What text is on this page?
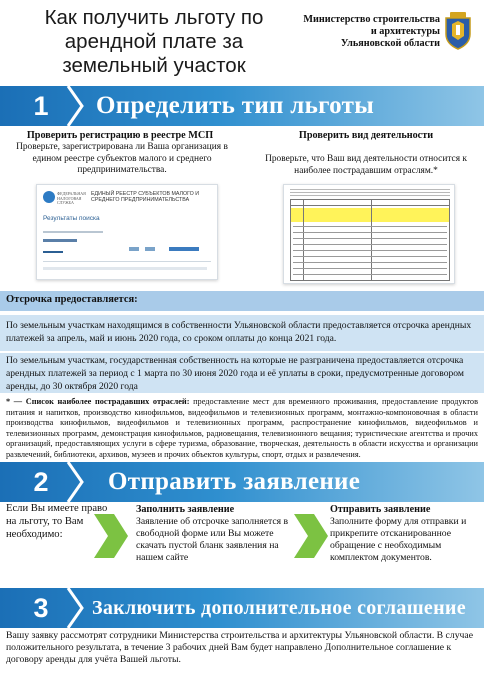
Как получить льготу по арендной плате за земельный участок
Министерство строительства
и архитектуры
Ульяновской области
1	Определить тип льготы
Проверить регистрацию в реестре МСП
Проверьте, зарегистрирована ли Ваша организация в едином реестре субъектов малого и среднего предпринимательства.
Проверить вид деятельности
Проверьте, что Ваш вид деятельности относится к наиболее пострадавшим отраслям.*
ФЕДЕРАЛЬНАЯ
НАЛОГОВАЯ
СЛУЖБА
ЕДИНЫЙ РЕЕСТР СУБЪЕКТОВ МАЛОГО И СРЕДНЕГО ПРЕДПРИНИМАТЕЛЬСТВА
Результаты поиска
Отсрочка предоставляется:
По земельным участкам находящимся в собственности Ульяновской области предоставляется отсрочка арендных платежей за апрель, май и июнь 2020 года, со сроком оплаты до конца 2021 года.
По земельным участкам, государственная собственность на которые не разграничена предоставляется отсрочка арендных платежей за период с 1 марта по 30 июня 2020 года и её уплаты в сроки, предусмотренные договором аренды, до 30 октября 2020 года
* — Список наиболее пострадавших отраслей: предоставление мест для временного проживания, предоставление продуктов питания и напитков, производство кинофильмов, видеофильмов и телевизионных программ, монтажно-компоновочная в области производства кинофильмов, видеофильмов и телевизионных программ, распространение кинофильмов, видеофильмов и телевизионных программ, демонстрация кинофильмов, радиовещания, телевизионного вещания; туристические агентства и прочих организаций, предоставляющих услуги в сфере туризма, образование, творческая, деятельность в области искусства и организации развлечений, библиотеки, архивов, музеев и прочих объектов культуры, спорт, отдых и развлечения.
2	Отправить заявление
Если Вы имеете право на льготу, то Вам необходимо:
Заполнить заявление
Заявление об отсрочке заполняется в свободной форме или Вы можете скачать пустой бланк заявления на нашем сайте
Отправить заявление
Заполните форму для отправки и прикрепите отсканированное обращение с необходимым комплектом документов.
3	Заключить дополнительное соглашение
Вашу заявку рассмотрят сотрудники Министерства строительства и архитектуры Ульяновской области. В случае положительного результата, в течение 3 рабочих дней Вам будет направлено Дополнительное соглашение к договору аренды для учёта Вашей льготы.
